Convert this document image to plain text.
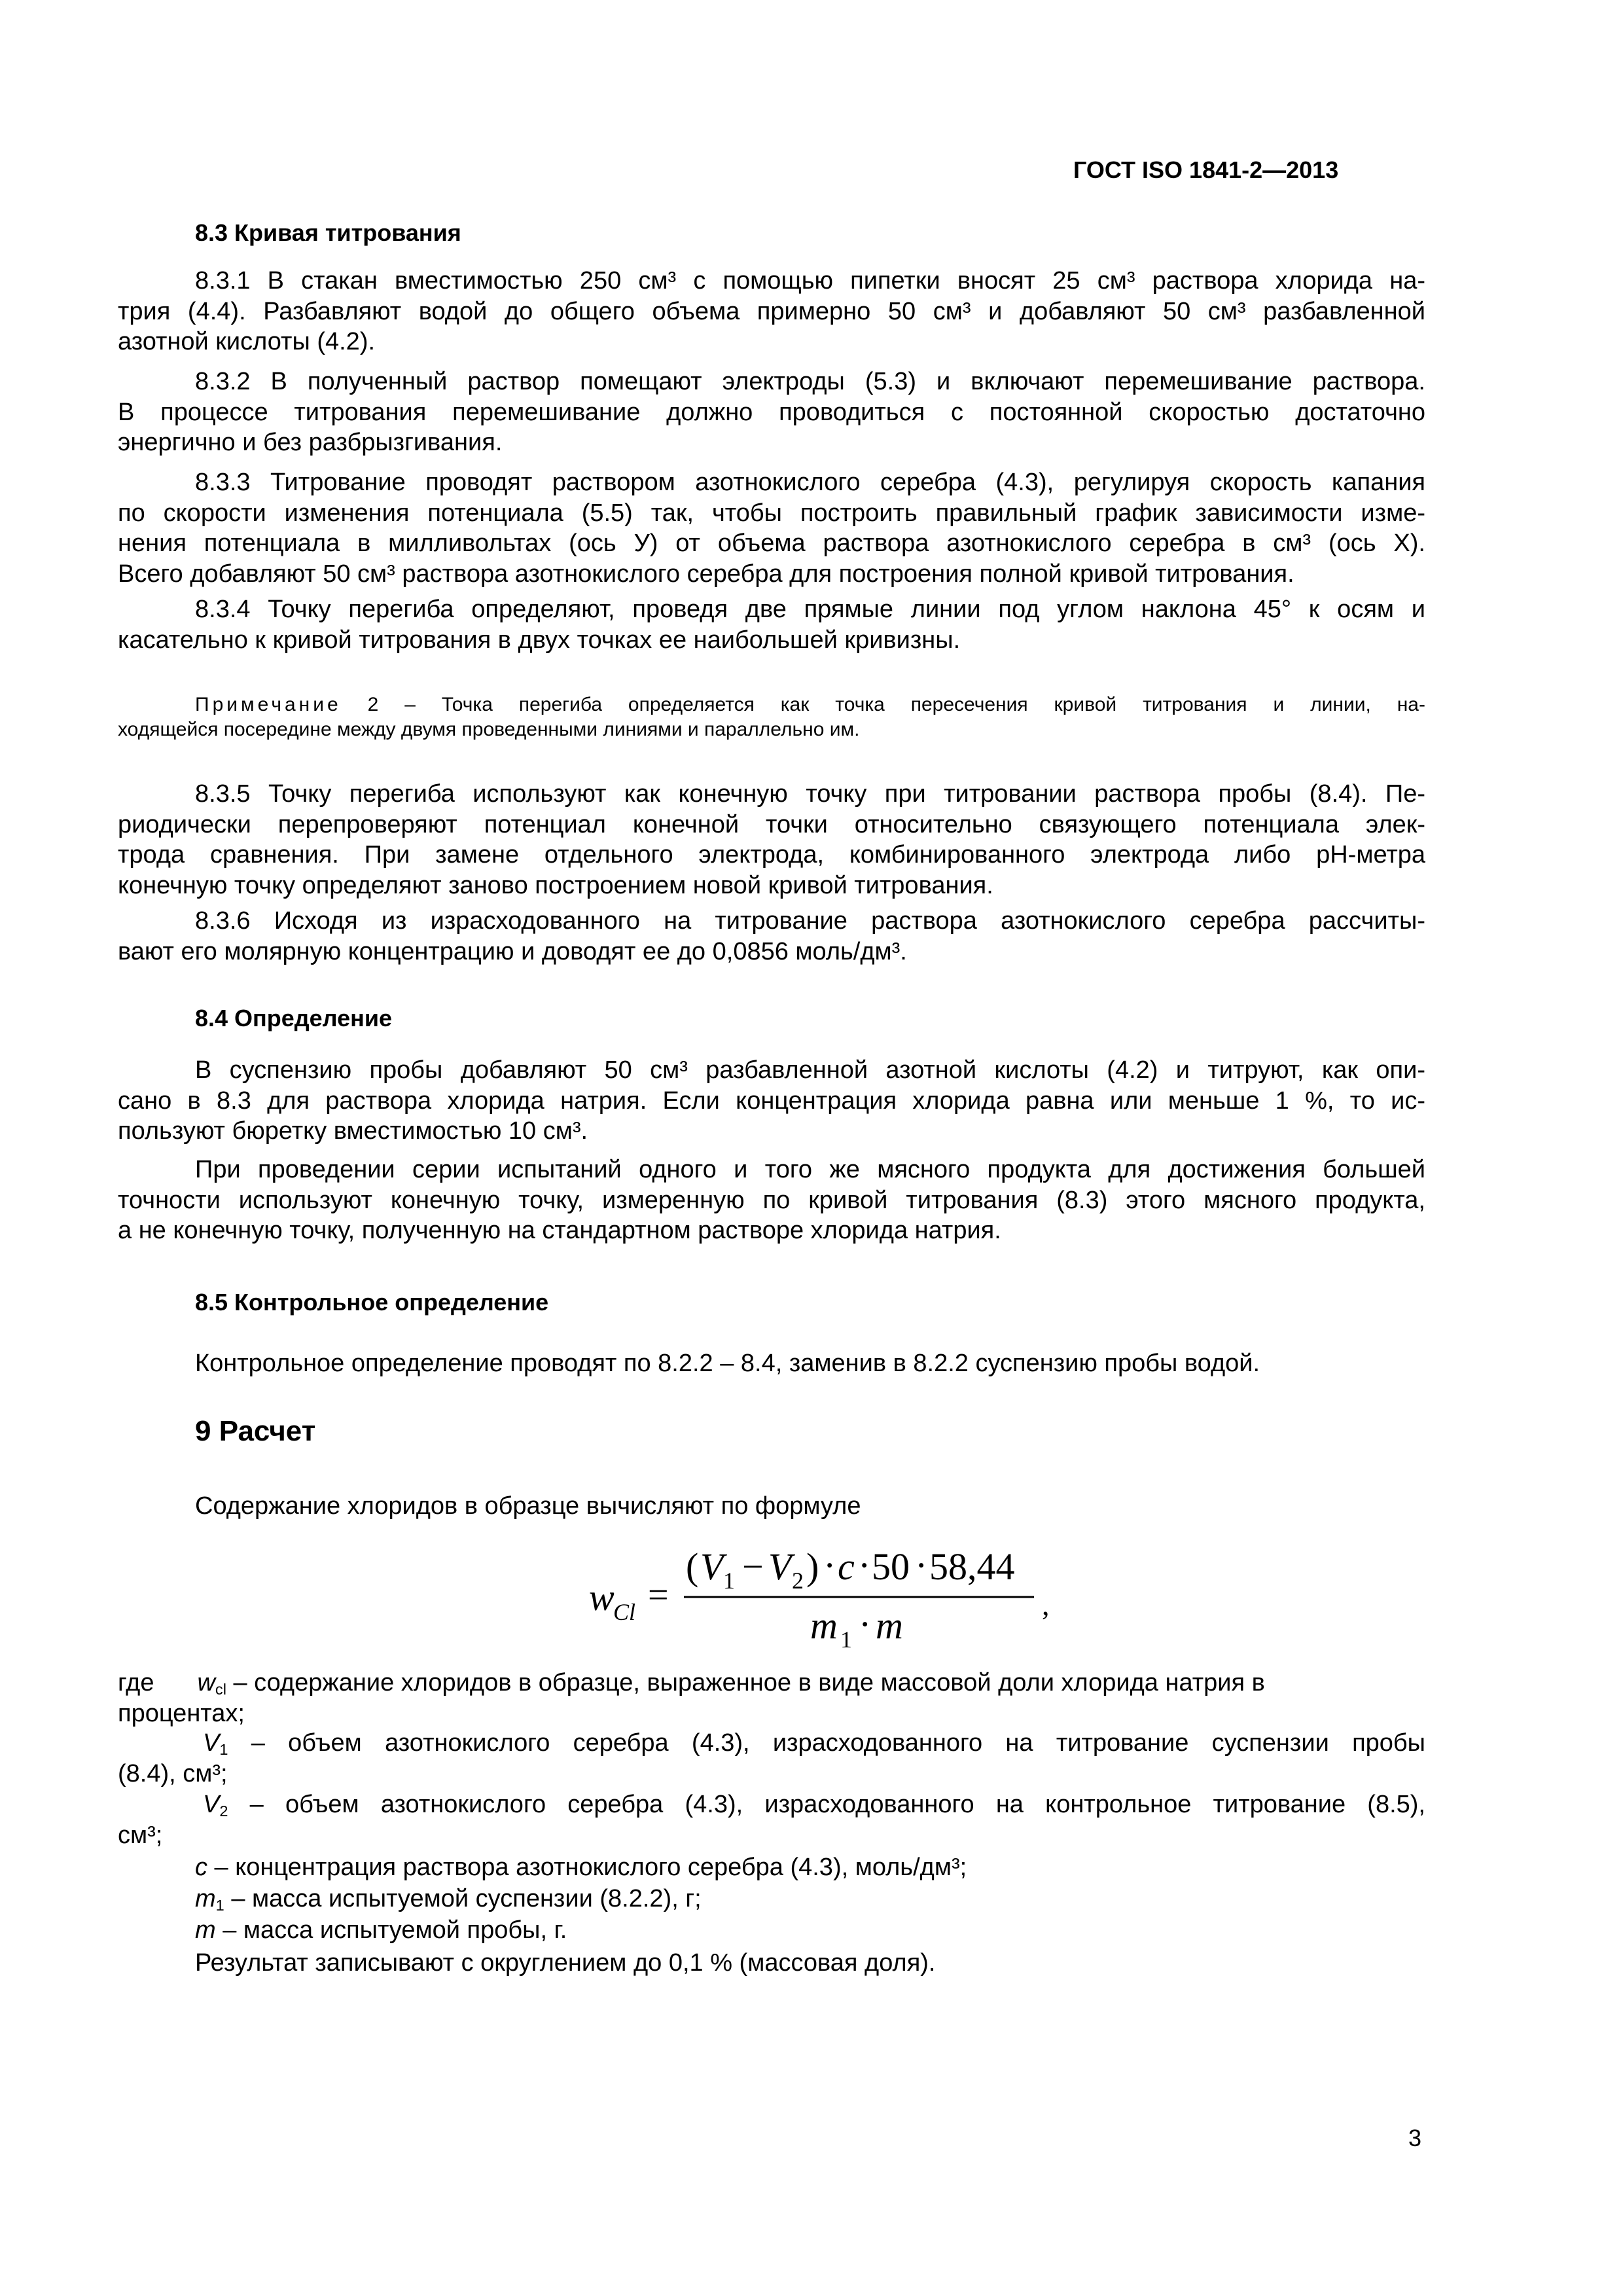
ГОСТ ISO 1841-2—2013
8.3 Кривая титрования
8.3.1 В стакан вместимостью 250 см³ с помощью пипетки вносят 25 см³ раствора хлорида на-
трия (4.4). Разбавляют водой до общего объема примерно 50 см³ и добавляют 50 см³ разбавленной
азотной кислоты (4.2).
8.3.2 В полученный раствор помещают электроды (5.3) и включают перемешивание раствора.
В процессе титрования перемешивание должно проводиться с постоянной скоростью достаточно
энергично и без разбрызгивания.
8.3.3 Титрование проводят раствором азотнокислого серебра (4.3), регулируя скорость капания
по скорости изменения потенциала (5.5) так, чтобы построить правильный график зависимости изме-
нения потенциала в милливольтах (ось У) от объема раствора азотнокислого серебра в см³ (ось Х).
Всего добавляют 50 см³ раствора азотнокислого серебра для построения полной кривой титрования.
8.3.4 Точку перегиба определяют, проведя две прямые линии под углом наклона 45° к осям и
касательно к кривой титрования в двух точках ее наибольшей кривизны.
Примечание 2 – Точка перегиба определяется как точка пересечения кривой титрования и линии, на-
ходящейся посередине между двумя проведенными линиями и параллельно им.
8.3.5 Точку перегиба используют как конечную точку при титровании раствора пробы (8.4). Пе-
риодически перепроверяют потенциал конечной точки относительно связующего потенциала элек-
трода сравнения. При замене отдельного электрода, комбинированного электрода либо pH-метра
конечную точку определяют заново построением новой кривой титрования.
8.3.6 Исходя из израсходованного на титрование раствора азотнокислого серебра рассчиты-
вают его молярную концентрацию и доводят ее до 0,0856 моль/дм³.
8.4 Определение
В суспензию пробы добавляют 50 см³ разбавленной азотной кислоты (4.2) и титруют, как опи-
сано в 8.3 для раствора хлорида натрия. Если концентрация хлорида равна или меньше 1 %, то ис-
пользуют бюретку вместимостью 10 см³.
При проведении серии испытаний одного и того же мясного продукта для достижения большей
точности используют конечную точку, измеренную по кривой титрования (8.3) этого мясного продукта,
а не конечную точку, полученную на стандартном растворе хлорида натрия.
8.5 Контрольное определение
Контрольное определение проводят по 8.2.2 – 8.4, заменив в 8.2.2 суспензию пробы водой.
9 Расчет
Содержание хлоридов в образце вычисляют по формуле
w
Cl =
( V 1 − V 2 ) · c · 50 · 58,44
m 1 · m	,
где $w_{cl}$ – содержание хлоридов в образце, выраженное в виде массовой доли хлорида натрия в
процентах;
$V_1$ – объем азотнокислого серебра (4.3), израсходованного на титрование суспензии пробы
(8.4), см³;
$V_2$ – объем азотнокислого серебра (4.3), израсходованного на контрольное титрование (8.5),
см³;
c – концентрация раствора азотнокислого серебра (4.3), моль/дм³;
$m_1$ – масса испытуемой суспензии (8.2.2), г;
m – масса испытуемой пробы, г.
Результат записывают с округлением до 0,1 % (массовая доля).
3
